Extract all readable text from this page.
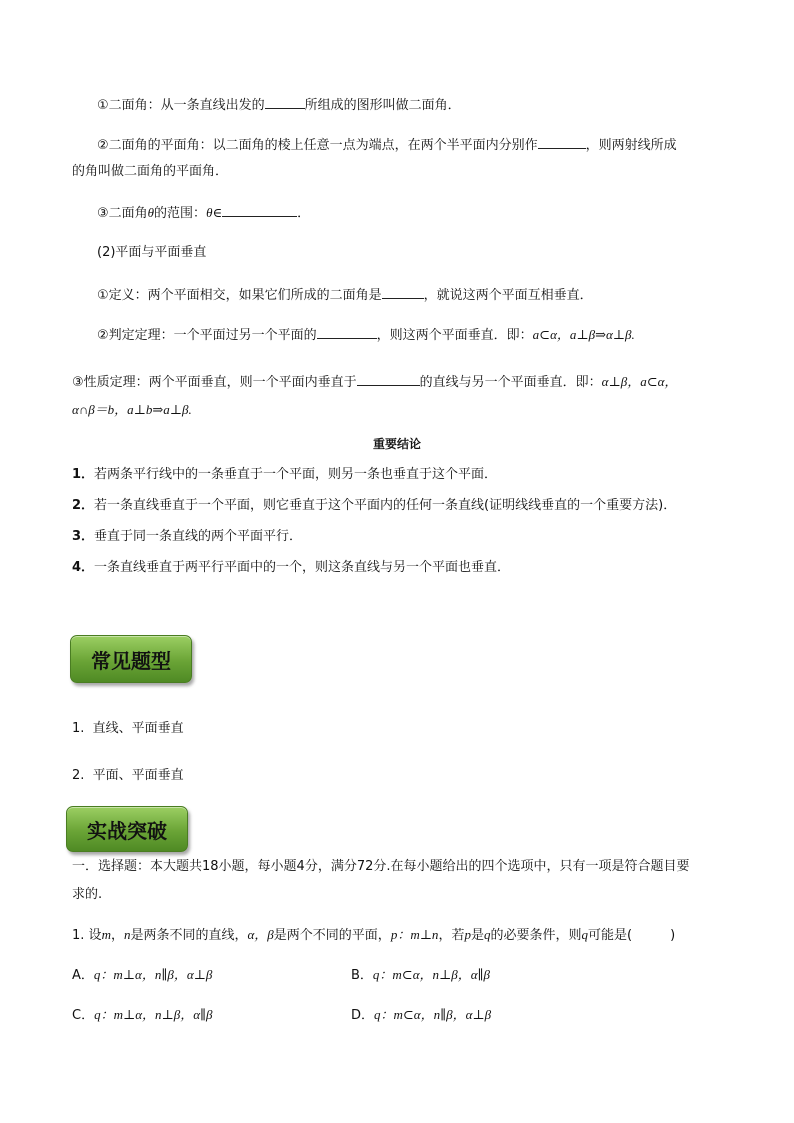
①二面角：从一条直线出发的	所组成的图形叫做二面角．
②二面角的平面角：以二面角的棱上任意一点为端点，在两个半平面内分别作	，则两射线所成
的角叫做二面角的平面角．
③二面角θ的范围：θ∈	．
(2)平面与平面垂直
①定义：两个平面相交，如果它们所成的二面角是	，就说这两个平面互相垂直．
②判定定理：一个平面过另一个平面的	，则这两个平面垂直．即：a⊂α，a⊥β⇒α⊥β.
③性质定理：两个平面垂直，则一个平面内垂直于	的直线与另一个平面垂直．即：α⊥β，a⊂α，
α∩β＝b，a⊥b⇒a⊥β.
重要结论
1．若两条平行线中的一条垂直于一个平面，则另一条也垂直于这个平面．
2．若一条直线垂直于一个平面，则它垂直于这个平面内的任何一条直线(证明线线垂直的一个重要方法)．
3．垂直于同一条直线的两个平面平行．
4．一条直线垂直于两平行平面中的一个，则这条直线与另一个平面也垂直．
常见题型
1. 直线、平面垂直
2. 平面、平面垂直
实战突破
一．选择题：本大题共18小题，每小题4分，满分72分.在每小题给出的四个选项中，只有一项是符合题目要
求的.
1. 设m，n是两条不同的直线，α，β是两个不同的平面，p：m⊥n，若p是q的必要条件，则q可能是(	)
A．q：m⊥α，n∥β，α⊥β	B．q：m⊂α，n⊥β，α∥β
C．q：m⊥α，n⊥β，α∥β	D．q：m⊂α，n∥β，α⊥β
